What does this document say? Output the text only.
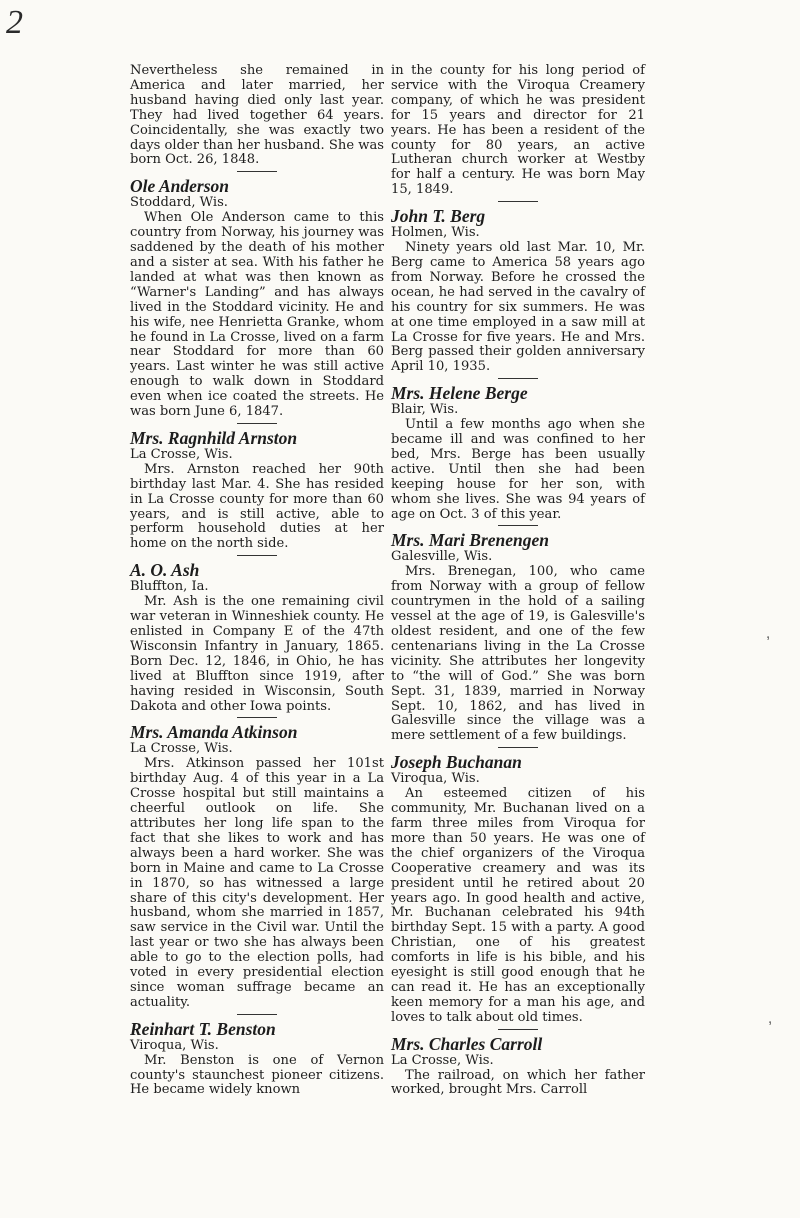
2
,
,

Nevertheless she remained in America and later married, her husband having died only last year. They had lived together 64 years. Coincidentally, she was exactly two days older than her husband. She was born Oct. 26, 1848.

Ole Anderson

Stoddard, Wis.

When Ole Anderson came to this country from Norway, his journey was saddened by the death of his mother and a sister at sea. With his father he landed at what was then known as “Warner's Landing” and has always lived in the Stoddard vicinity. He and his wife, nee Henrietta Granke, whom he found in La Crosse, lived on a farm near Stoddard for more than 60 years. Last winter he was still active enough to walk down in Stoddard even when ice coated the streets. He was born June 6, 1847.

Mrs. Ragnhild Arnston

La Crosse, Wis.

Mrs. Arnston reached her 90th birthday last Mar. 4. She has resided in La Crosse county for more than 60 years, and is still active, able to perform household duties at her home on the north side.

A. O. Ash

Bluffton, Ia.

Mr. Ash is the one remaining civil war veteran in Winneshiek county. He enlisted in Company E of the 47th Wisconsin Infantry in January, 1865. Born Dec. 12, 1846, in Ohio, he has lived at Bluffton since 1919, after having resided in Wisconsin, South Dakota and other Iowa points.

Mrs. Amanda Atkinson

La Crosse, Wis.

Mrs. Atkinson passed her 101st birthday Aug. 4 of this year in a La Crosse hospital but still maintains a cheerful outlook on life. She attributes her long life span to the fact that she likes to work and has always been a hard worker. She was born in Maine and came to La Crosse in 1870, so has witnessed a large share of this city's development. Her husband, whom she married in 1857, saw service in the Civil war. Until the last year or two she has always been able to go to the election polls, had voted in every presidential election since woman suffrage became an actuality.

Reinhart T. Benston

Viroqua, Wis.

Mr. Benston is one of Vernon county's staunchest pioneer citizens. He became widely known

in the county for his long period of service with the Viroqua Creamery company, of which he was president for 15 years and director for 21 years. He has been a resident of the county for 80 years, an active Lutheran church worker at Westby for half a century. He was born May 15, 1849.

John T. Berg

Holmen, Wis.

Ninety years old last Mar. 10, Mr. Berg came to America 58 years ago from Norway. Before he crossed the ocean, he had served in the cavalry of his country for six summers. He was at one time employed in a saw mill at La Crosse for five years. He and Mrs. Berg passed their golden anniversary April 10, 1935.

Mrs. Helene Berge

Blair, Wis.

Until a few months ago when she became ill and was confined to her bed, Mrs. Berge has been usually active. Until then she had been keeping house for her son, with whom she lives. She was 94 years of age on Oct. 3 of this year.

Mrs. Mari Brenengen

Galesville, Wis.

Mrs. Brenegan, 100, who came from Norway with a group of fellow countrymen in the hold of a sailing vessel at the age of 19, is Galesville's oldest resident, and one of the few centenarians living in the La Crosse vicinity. She attributes her longevity to “the will of God.” She was born Sept. 31, 1839, married in Norway Sept. 10, 1862, and has lived in Galesville since the village was a mere settlement of a few buildings.

Joseph Buchanan

Viroqua, Wis.

An esteemed citizen of his community, Mr. Buchanan lived on a farm three miles from Viroqua for more than 50 years. He was one of the chief organizers of the Viroqua Cooperative creamery and was its president until he retired about 20 years ago. In good health and active, Mr. Buchanan celebrated his 94th birthday Sept. 15 with a party. A good Christian, one of his greatest comforts in life is his bible, and his eyesight is still good enough that he can read it. He has an exceptionally keen memory for a man his age, and loves to talk about old times.

Mrs. Charles Carroll

La Crosse, Wis.

The railroad, on which her father worked, brought Mrs. Carroll
